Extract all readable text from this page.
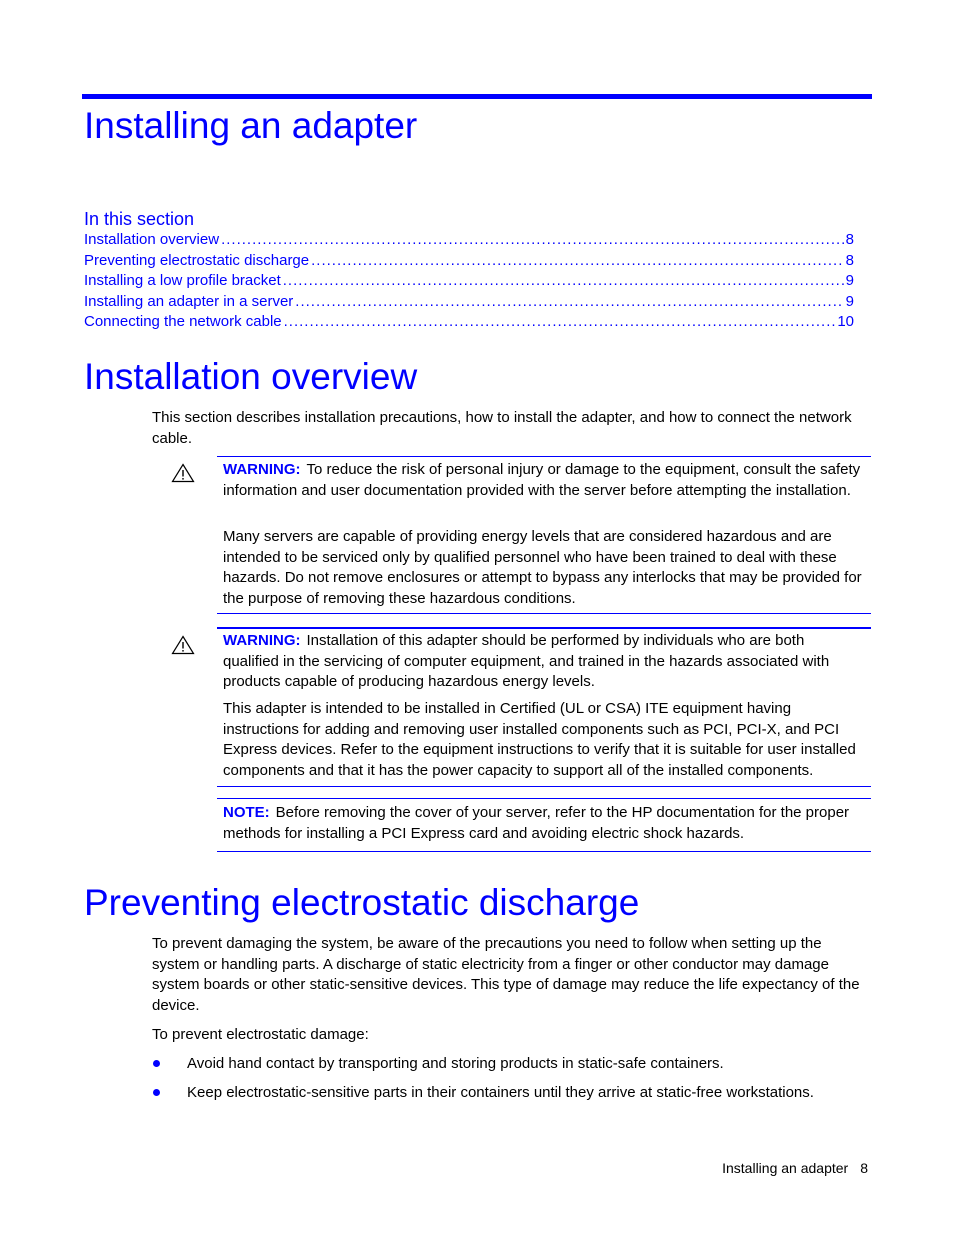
Installing an adapter
In this section
Installation overview .....	8
Preventing electrostatic discharge .....	8
Installing a low profile bracket .....	9
Installing an adapter in a server .....	9
Connecting the network cable .....	10
Installation overview

This section describes installation precautions, how to install the adapter, and how to connect the network cable.

WARNING: To reduce the risk of personal injury or damage to the equipment, consult the safety information and user documentation provided with the server before attempting the installation.

Many servers are capable of providing energy levels that are considered hazardous and are intended to be serviced only by qualified personnel who have been trained to deal with these hazards. Do not remove enclosures or attempt to bypass any interlocks that may be provided for the purpose of removing these hazardous conditions.

WARNING: Installation of this adapter should be performed by individuals who are both qualified in the servicing of computer equipment, and trained in the hazards associated with products capable of producing hazardous energy levels.

This adapter is intended to be installed in Certified (UL or CSA) ITE equipment having instructions for adding and removing user installed components such as PCI, PCI-X, and PCI Express devices. Refer to the equipment instructions to verify that it is suitable for user installed components and that it has the power capacity to support all of the installed components.

NOTE: Before removing the cover of your server, refer to the HP documentation for the proper methods for installing a PCI Express card and avoiding electric shock hazards.

Preventing electrostatic discharge

To prevent damaging the system, be aware of the precautions you need to follow when setting up the system or handling parts. A discharge of static electricity from a finger or other conductor may damage system boards or other static-sensitive devices. This type of damage may reduce the life expectancy of the device.

To prevent electrostatic damage:

Avoid hand contact by transporting and storing products in static-safe containers.
Keep electrostatic-sensitive parts in their containers until they arrive at static-free workstations.
Installing an adapter 8
